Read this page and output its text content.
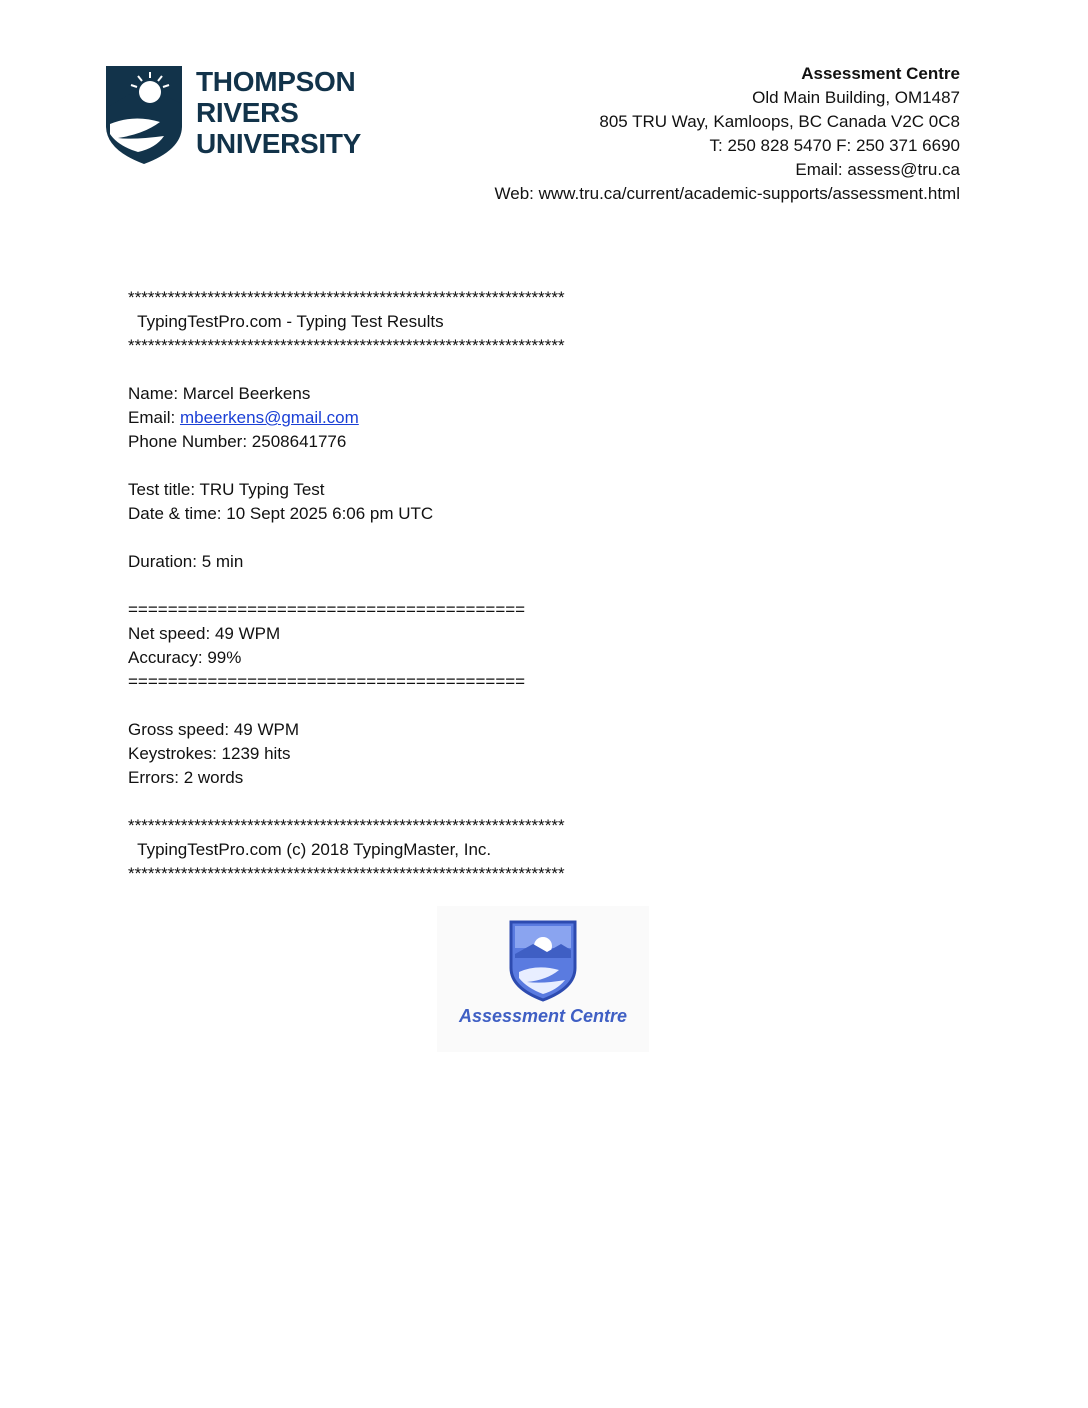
THOMPSON
RIVERS
UNIVERSITY
Assessment Centre
Old Main Building, OM1487
805 TRU Way, Kamloops, BC Canada V2C 0C8
T: 250 828 5470 F: 250 371 6690
Email: assess@tru.ca
Web: www.tru.ca/current/academic-supports/assessment.html
******************************************************************
TypingTestPro.com - Typing Test Results
******************************************************************
Name: Marcel Beerkens
Email: mbeerkens@gmail.com
Phone Number: 2508641776
Test title: TRU Typing Test
Date & time: 10 Sept 2025 6:06 pm UTC
Duration: 5 min
========================================
Net speed: 49 WPM
Accuracy: 99%
========================================
Gross speed: 49 WPM
Keystrokes: 1239 hits
Errors: 2 words
******************************************************************
TypingTestPro.com (c) 2018 TypingMaster, Inc.
******************************************************************
Assessment Centre
